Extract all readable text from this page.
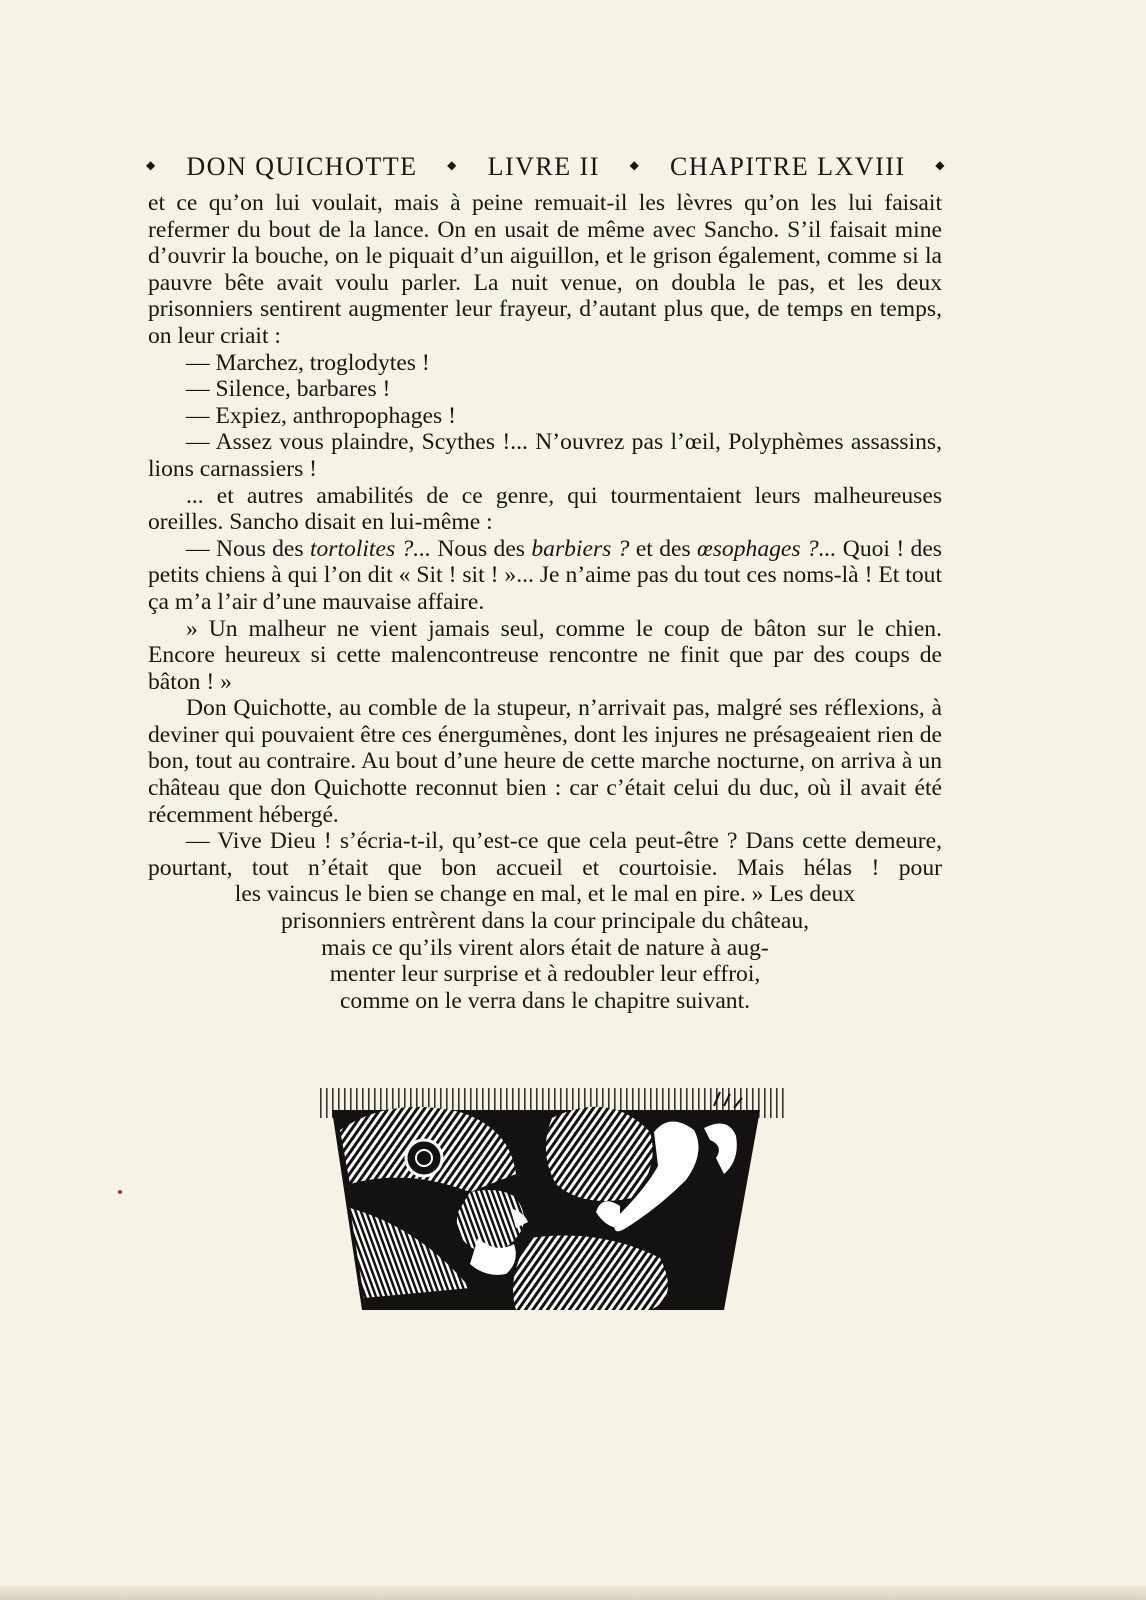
◆ DON QUICHOTTE ◆ LIVRE II ◆ CHAPITRE LXVIII ◆

et ce qu’on lui voulait, mais à peine remuait-il les lèvres qu’on les lui faisait refermer du bout de la lance. On en usait de même avec Sancho. S’il faisait mine d’ouvrir la bouche, on le piquait d’un aiguillon, et le grison également, comme si la pauvre bête avait voulu parler. La nuit venue, on doubla le pas, et les deux prisonniers sentirent augmenter leur frayeur, d’autant plus que, de temps en temps, on leur criait :

— Marchez, troglodytes !

— Silence, barbares !

— Expiez, anthropophages !

— Assez vous plaindre, Scythes !... N’ouvrez pas l’œil, Polyphèmes assassins, lions carnassiers !

... et autres amabilités de ce genre, qui tourmentaient leurs malheureuses oreilles. Sancho disait en lui-même :

— Nous des tortolites ?... Nous des barbiers ? et des œsophages ?... Quoi ! des petits chiens à qui l’on dit « Sit ! sit ! »... Je n’aime pas du tout ces noms-là ! Et tout ça m’a l’air d’une mauvaise affaire.

» Un malheur ne vient jamais seul, comme le coup de bâton sur le chien. Encore heureux si cette malencontreuse rencontre ne finit que par des coups de bâton ! »

Don Quichotte, au comble de la stupeur, n’arrivait pas, malgré ses réflexions, à deviner qui pouvaient être ces énergumènes, dont les injures ne présageaient rien de bon, tout au contraire. Au bout d’une heure de cette marche nocturne, on arriva à un château que don Quichotte reconnut bien : car c’était celui du duc, où il avait été récemment hébergé.

— Vive Dieu ! s’écria-t-il, qu’est-ce que cela peut-être ? Dans cette demeure, pourtant, tout n’était que bon accueil et courtoisie. Mais hélas ! pour

les vaincus le bien se change en mal, et le mal en pire. » Les deux
prisonniers entrèrent dans la cour principale du château,
mais ce qu’ils virent alors était de nature à aug-
menter leur surprise et à redoubler leur effroi,
comme on le verra dans le chapitre suivant.
